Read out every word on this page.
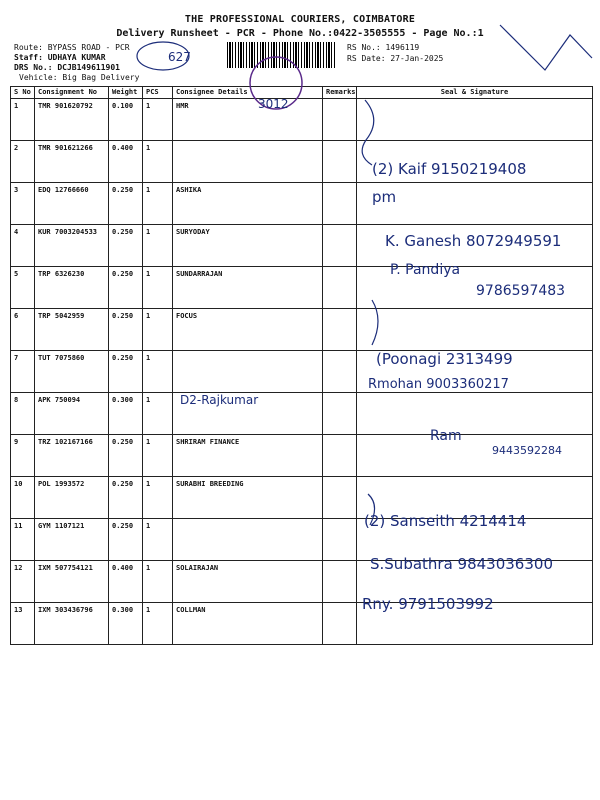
THE PROFESSIONAL COURIERS, COIMBATORE
Delivery Runsheet - PCR - Phone No.:0422-3505555 - Page No.:1
Route: BYPASS ROAD - PCR
Staff: UDHAYA KUMAR
DRS No.: DCJB149611901
Vehicle: Big Bag Delivery
RS No.: 1496119
RS Date: 27-Jan-2025
S No	Consignment No	Weight	PCS	Consignee Details	Remarks	Seal & Signature
1	TMR 901620792	0.100	1	HMR		
2	TMR 901621266	0.400	1			
3	EDQ 12766660	0.250	1	ASHIKA		
4	KUR 7003204533	0.250	1	SURYODAY		
5	TRP 6326230	0.250	1	SUNDARRAJAN		
6	TRP 5042959	0.250	1	FOCUS		
7	TUT 7075860	0.250	1			
8	APK 750094	0.300	1			
9	TRZ 102167166	0.250	1	SHRIRAM FINANCE		
10	POL 1993572	0.250	1	SURABHI BREEDING		
11	GYM 1107121	0.250	1			
12	IXM 507754121	0.400	1	SOLAIRAJAN		
13	IXM 303436796	0.300	1	COLLMAN		
627
3012
(2) Kaif 9150219408
pm
K. Ganesh 8072949591
P. Pandiya
9786597483
(Poonagi 2313499
Rmohan 9003360217
D2-Rajkumar
Ram
9443592284
(2) Sanseith 4214414
S.Subathra 9843036300
Rny. 9791503992
